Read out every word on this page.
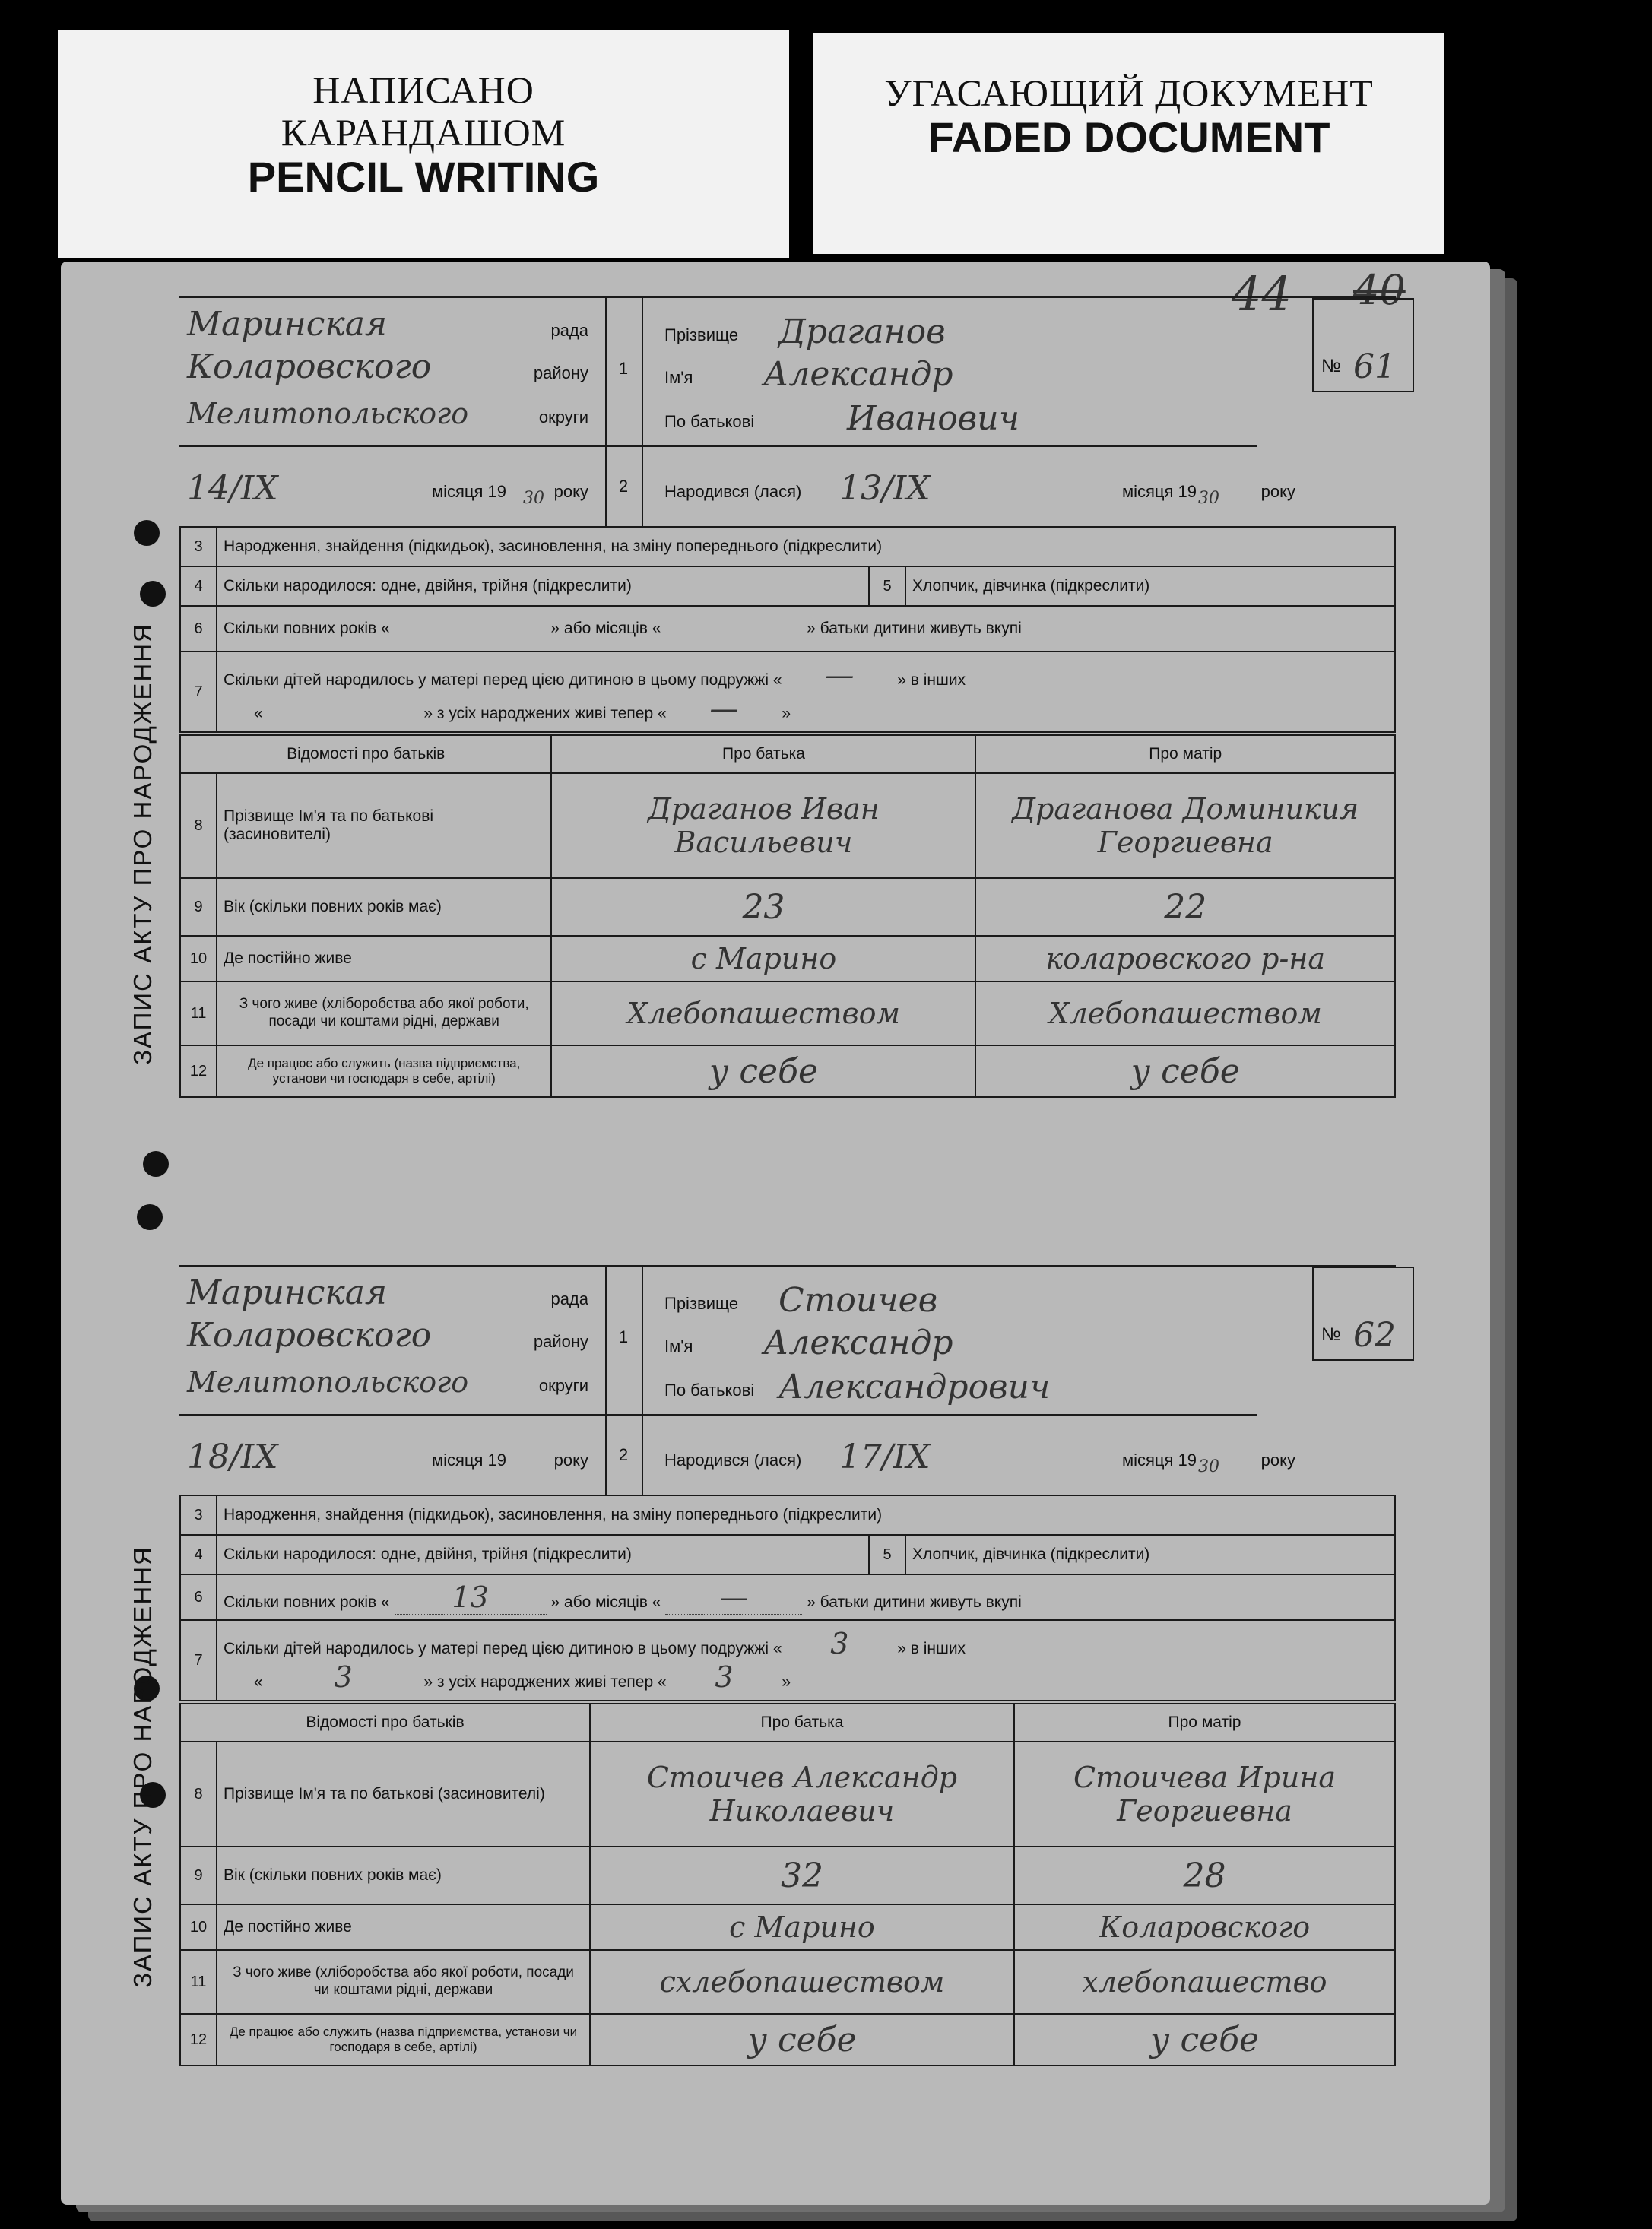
НАПИСАНО
КАРАНДАШОМ
PENCIL WRITING
УГАСАЮЩИЙ ДОКУМЕНТ
FADED DOCUMENT
44 40
ЗАПИС АКТУ ПРО НАРОДЖЕННЯ
Маринская	рада
Коларовского	району
Мелитопольского	округи
14/IX	місяця 19 30 року
1
2
Прізвище Драганов
Ім'я Александр
По батькові	Иванович
Народився (лася) 13/IX	місяця 19 30 року
№ 61
3	Народження, знайдення (підкидьок), засиновлення, на зміну попереднього (підкреслити)		
4	Скільки народилося: одне, двійня, трійня (підкреслити)	5	Хлопчик, дівчинка (підкреслити)
6	Скільки повних років « » або місяців « » батьки дитини живуть вкупі		
7	Скільки дітей народилось у матері перед цією дитиною в цьому подружжі « — » в інших
« » з усіх народжених живі тепер « — »		
Відомості про батьків		Про батька	Про матір
8	Прізвище Ім'я та по батькові (засиновителі)	Драганов Иван Васильевич	Драганова Доминикия Георгиевна
9	Вік (скільки повних років має)	23	22
10	Де постійно живе	с Марино	коларовского р-на
11	З чого живе (хліборобства або якої роботи, посади чи коштами рідні, держави	Хлебопашеством	Хлебопашеством
12	Де працює або служить (назва підприємства, установи чи господаря в себе, артілі)	у себе	у себе
ЗАПИС АКТУ ПРО НАРОДЖЕННЯ
Маринская	рада
Коларовского	району
Мелитопольского	округи
18/IX	місяця 19	року
1
2
Прізвище Стоичев
Ім'я Александр
По батькові Александрович
Народився (лася) 17/IX	місяця 19 30 року
№ 62
3	Народження, знайдення (підкидьок), засиновлення, на зміну попереднього (підкреслити)		
4	Скільки народилося: одне, двійня, трійня (підкреслити)	5	Хлопчик, дівчинка (підкреслити)
6	Скільки повних років « 13 » або місяців « — » батьки дитини живуть вкупі		
7	Скільки дітей народилось у матері перед цією дитиною в цьому подружжі « 3 » в інших
« 3 » з усіх народжених живі тепер « 3 »		
Відомості про батьків		Про батька	Про матір
8	Прізвище Ім'я та по батькові (засиновителі)	Стоичев Александр Николаевич	Стоичева Ирина Георгиевна
9	Вік (скільки повних років має)	32	28
10	Де постійно живе	с Марино	Коларовского
11	З чого живе (хліборобства або якої роботи, посади чи коштами рідні, держави	схлебопашеством	хлебопашество
12	Де працює або служить (назва підприємства, установи чи господаря в себе, артілі)	у себе	у себе
